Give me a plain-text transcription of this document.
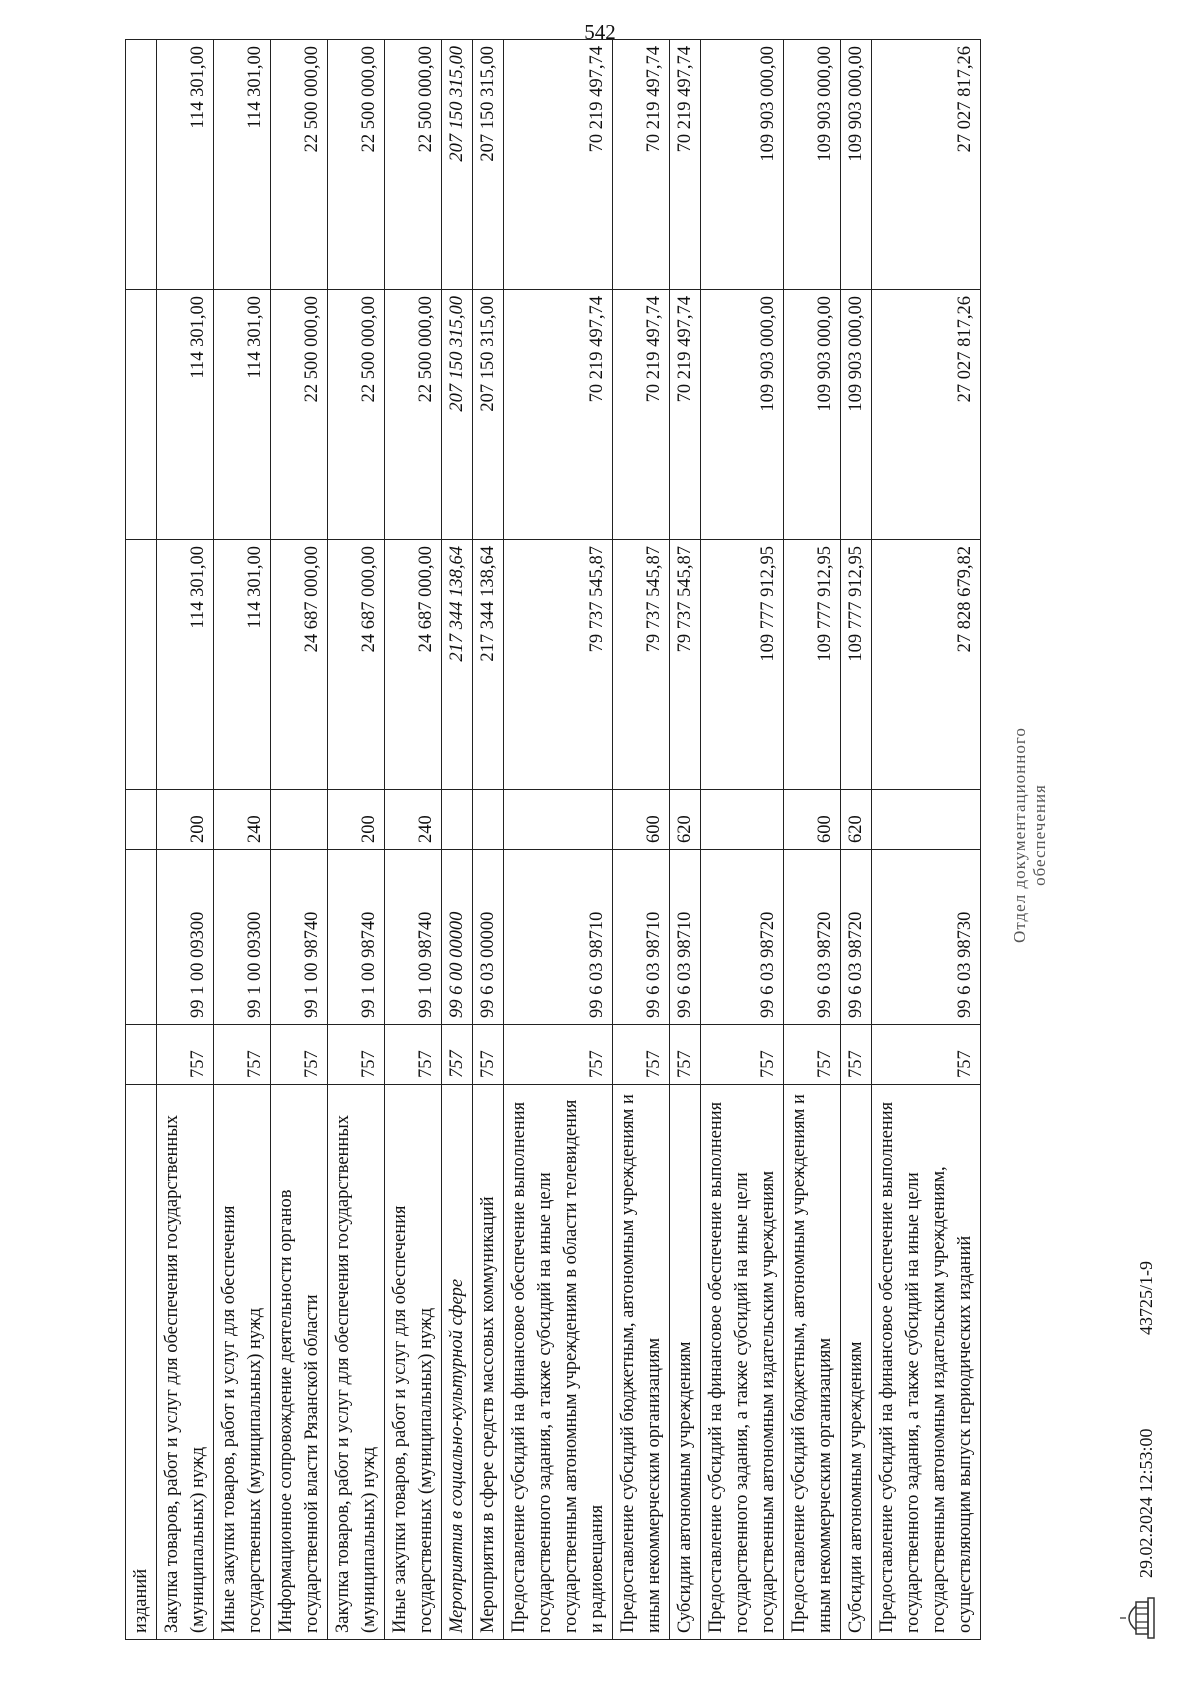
542
изданий						
Закупка товаров, работ и услуг для обеспечения государственных (муниципальных) нужд	757	99 1 00 09300	200	114 301,00	114 301,00	114 301,00
Иные закупки товаров, работ и услуг для обеспечения государственных (муниципальных) нужд	757	99 1 00 09300	240	114 301,00	114 301,00	114 301,00
Информационное сопровождение деятельности органов государственной власти Рязанской области	757	99 1 00 98740		24 687 000,00	22 500 000,00	22 500 000,00
Закупка товаров, работ и услуг для обеспечения государственных (муниципальных) нужд	757	99 1 00 98740	200	24 687 000,00	22 500 000,00	22 500 000,00
Иные закупки товаров, работ и услуг для обеспечения государственных (муниципальных) нужд	757	99 1 00 98740	240	24 687 000,00	22 500 000,00	22 500 000,00
Мероприятия в социально-культурной сфере	757	99 6 00 00000		217 344 138,64	207 150 315,00	207 150 315,00
Мероприятия в сфере средств массовых коммуникаций	757	99 6 03 00000		217 344 138,64	207 150 315,00	207 150 315,00
Предоставление субсидий на финансовое обеспечение выполнения государственного задания, а также субсидий на иные цели государственным автономным учреждениям в области телевидения и радиовещания	757	99 6 03 98710		79 737 545,87	70 219 497,74	70 219 497,74
Предоставление субсидий бюджетным, автономным учреждениям и иным некоммерческим организациям	757	99 6 03 98710	600	79 737 545,87	70 219 497,74	70 219 497,74
Субсидии автономным учреждениям	757	99 6 03 98710	620	79 737 545,87	70 219 497,74	70 219 497,74
Предоставление субсидий на финансовое обеспечение выполнения государственного задания, а также субсидий на иные цели государственным автономным издательским учреждениям	757	99 6 03 98720		109 777 912,95	109 903 000,00	109 903 000,00
Предоставление субсидий бюджетным, автономным учреждениям и иным некоммерческим организациям	757	99 6 03 98720	600	109 777 912,95	109 903 000,00	109 903 000,00
Субсидии автономным учреждениям	757	99 6 03 98720	620	109 777 912,95	109 903 000,00	109 903 000,00
Предоставление субсидий на финансовое обеспечение выполнения государственного задания, а также субсидий на иные цели государственным автономным издательским учреждениям, осуществляющим выпуск периодических изданий	757	99 6 03 98730		27 828 679,82	27 027 817,26	27 027 817,26
29.02.2024 12:53:00
43725/1-9
Отдел документационного обеспечения
